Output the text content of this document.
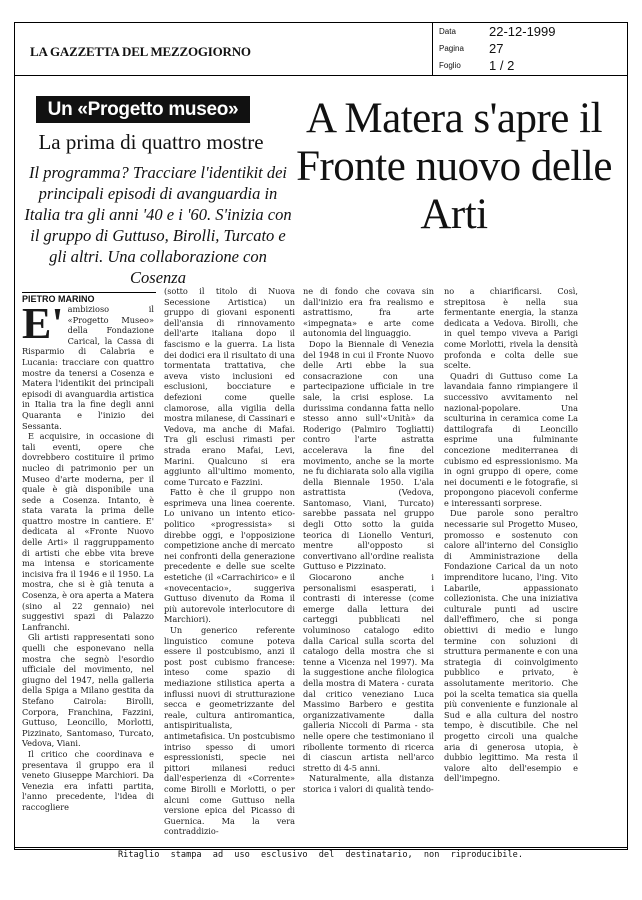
LA GAZZETTA DEL MEZZOGIORNO
Data	22-12-1999
Pagina 27
Foglio 1 / 2
Un «Progetto museo»
La prima di quattro mostre A Matera s'apre il Fronte nuovo delle Arti
Il programma? Tracciare l'identikit dei principali episodi di avanguardia in Italia tra gli anni '40 e i '60. S'inizia con il gruppo di Guttuso, Birolli, Turcato e gli altri. Una collaborazione con Cosenza
PIETRO MARINO
E' ambizioso il «Progetto Museo» della Fondazione Carical, la Cassa di Risparmio di Calabria e Lucania: tracciare con quattro mostre da tenersi a Cosenza e Matera l'identikit dei principali episodi di avanguardia artistica in Italia tra la fine degli anni Quaranta e l'inizio dei Sessanta.

E acquisire, in occasione di tali eventi, opere che dovrebbero costituire il primo nucleo di patrimonio per un Museo d'arte moderna, per il quale è già disponibile una sede a Cosenza. Intanto, è stata varata la prima delle quattro mostre in cantiere. E' dedicata al «Fronte Nuovo delle Arti» il raggruppamento di artisti che ebbe vita breve ma intensa e storicamente incisiva fra il 1946 e il 1950. La mostra, che si è già tenuta a Cosenza, è ora aperta a Matera (sino al 22 gennaio) nei suggestivi spazi di Palazzo Lanfranchi.

Gli artisti rappresentati sono quelli che esponevano nella mostra che segnò l'esordio ufficiale del movimento, nel giugno del 1947, nella galleria della Spiga a Milano gestita da Stefano Cairola: Birolli, Corpora, Franchina, Fazzini, Guttuso, Leoncillo, Morlotti, Pizzinato, Santomaso, Turcato, Vedova, Viani.

Il critico che coordinava e presentava il gruppo era il veneto Giuseppe Marchiori. Da Venezia era infatti partita, l'anno precedente, l'idea di raccogliere

(sotto il titolo di Nuova Secessione Artistica) un gruppo di giovani esponenti dell'ansia di rinnovamento dell'arte italiana dopo il fascismo e la guerra. La lista dei dodici era il risultato di una tormentata trattativa, che aveva visto inclusioni ed esclusioni, bocciature e defezioni come quelle clamorose, alla vigilia della mostra milanese, di Cassinari e Vedova, ma anche di Mafai. Tra gli esclusi rimasti per strada erano Mafai, Levi, Marini. Qualcuno si era aggiunto all'ultimo momento, come Turcato e Fazzini.

Fatto è che il gruppo non esprimeva una linea coerente. Lo univano un intento etico-politico «progressista» si direbbe oggi, e l'opposizione competizione anche di mercato nei confronti della generazione precedente e delle sue scelte estetiche (il «Carrachirico» e il «novecentacio», suggeriva Guttuso divenuto da Roma il più autorevole interlocutore di Marchiori).

Un generico referente linguistico comune poteva essere il postcubismo, anzi il post post cubismo francese: inteso come spazio di mediazione stilistica aperta a influssi nuovi di strutturazione secca e geometrizzante del reale, cultura antiromantica, antispiritualista, antimetafisica. Un postcubismo intriso spesso di umori espressionisti, specie nei pittori milanesi reduci dall'esperienza di «Corrente» come Birolli e Morlotti, o per alcuni come Guttuso nella versione epica del Picasso di Guernica. Ma la vera contraddizio-

ne di fondo che covava sin dall'inizio era fra realismo e astrattismo, fra arte «impegnata» e arte come autonomia del linguaggio.

Dopo la Biennale di Venezia del 1948 in cui il Fronte Nuovo delle Arti ebbe la sua consacrazione con una partecipazione ufficiale in tre sale, la crisi esplose. La durissima condanna fatta nello stesso anno sull'«Unità» da Roderigo (Palmiro Togliatti) contro l'arte astratta accelerava la fine del movimento, anche se la morte ne fu dichiarata solo alla vigilia della Biennale 1950. L'ala astrattista (Vedova, Santomaso, Viani, Turcato) sarebbe passata nel gruppo degli Otto sotto la guida teorica di Lionello Venturi, mentre all'opposto si convertivano all'ordine realista Guttuso e Pizzinato.

Giocarono anche i personalismi esasperati, i contrasti di interesse (come emerge dalla lettura dei carteggi pubblicati nel voluminoso catalogo edito dalla Carical sulla scorta del catalogo della mostra che si tenne a Vicenza nel 1997). Ma la suggestione anche filologica della mostra di Matera - curata dal critico veneziano Luca Massimo Barbero e gestita organizzativamente dalla galleria Niccoli di Parma - sta nelle opere che testimoniano il ribollente tormento di ricerca di ciascun artista nell'arco stretto di 4-5 anni.

Naturalmente, alla distanza storica i valori di qualità tendo-

no a chiarificarsi. Così, strepitosa è nella sua fermentante energia, la stanza dedicata a Vedova. Birolli, che in quel tempo viveva a Parigi come Morlotti, rivela la densità profonda e colta delle sue scelte.

Quadri di Guttuso come La lavandaia fanno rimpiangere il successivo avvitamento nel nazional-popolare. Una sculturina in ceramica come La dattilografa di Leoncillo esprime una fulminante concezione mediterranea di cubismo ed espressionismo. Ma in ogni gruppo di opere, come nei documenti e le fotografie, si propongono piacevoli conferme e interessanti sorprese.

Due parole sono peraltro necessarie sul Progetto Museo, promosso e sostenuto con calore all'interno del Consiglio di Amministrazione della Fondazione Carical da un noto imprenditore lucano, l'ing. Vito Labarile, appassionato collezionista. Che una iniziativa culturale punti ad uscire dall'effimero, che si ponga obiettivi di medio e lungo termine con soluzioni di struttura permanente e con una strategia di coinvolgimento pubblico e privato, è assolutamente meritorio. Che poi la scelta tematica sia quella più conveniente e funzionale al Sud e alla cultura del nostro tempo, è discutibile. Che nel progetto circoli una qualche aria di generosa utopia, è dubbio legittimo. Ma resta il valore alto dell'esempio e dell'impegno.

Ritaglio stampa ad uso esclusivo del destinatario, non riproducibile.
